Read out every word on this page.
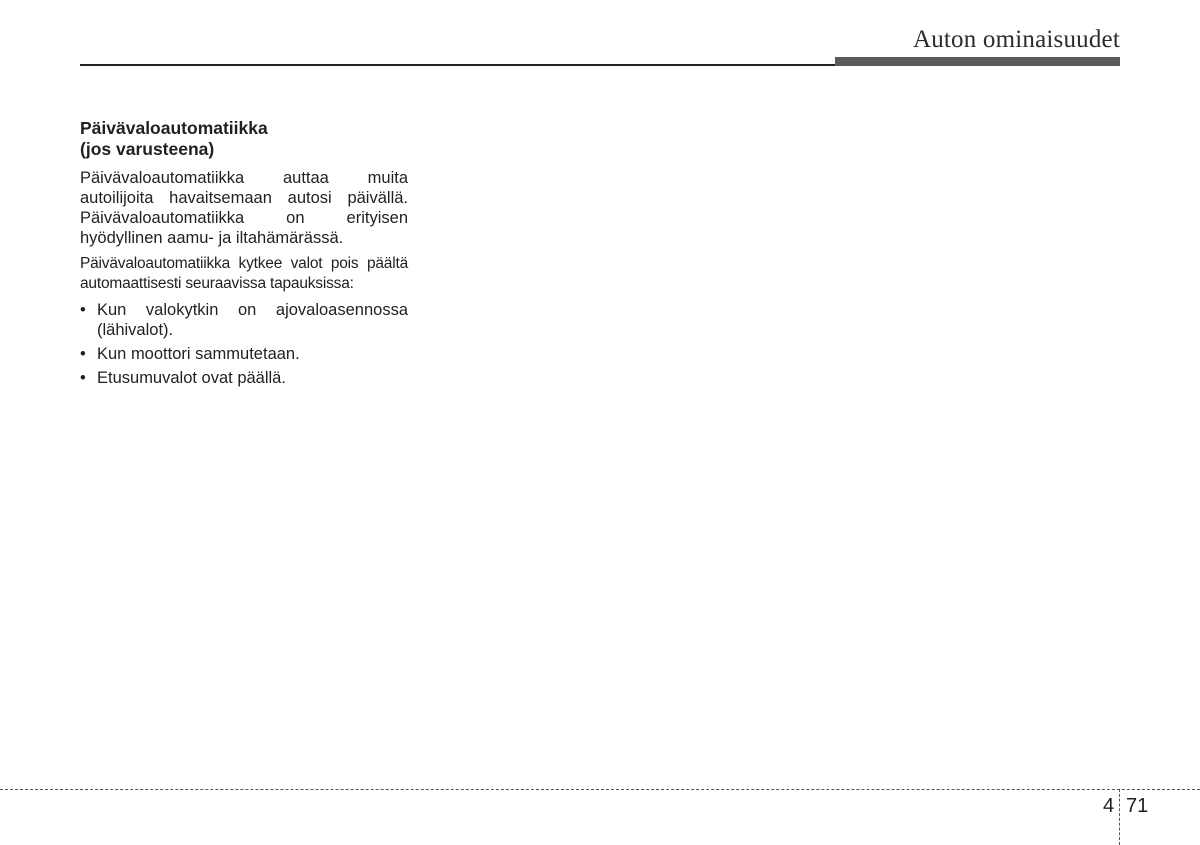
Auton ominaisuudet
Päivävaloautomatiikka
(jos varusteena)

Päivävaloautomatiikka auttaa muita autoilijoita havaitsemaan autosi päivällä. Päivävaloautomatiikka on erityisen hyödyllinen aamu- ja iltahämärässä.

Päivävaloautomatiikka kytkee valot pois päältä automaattisesti seuraavissa tapauksissa:

• Kun valokytkin on ajovaloasennossa (lähivalot).
• Kun moottori sammutetaan.
• Etusumuvalot ovat päällä.
4 71
